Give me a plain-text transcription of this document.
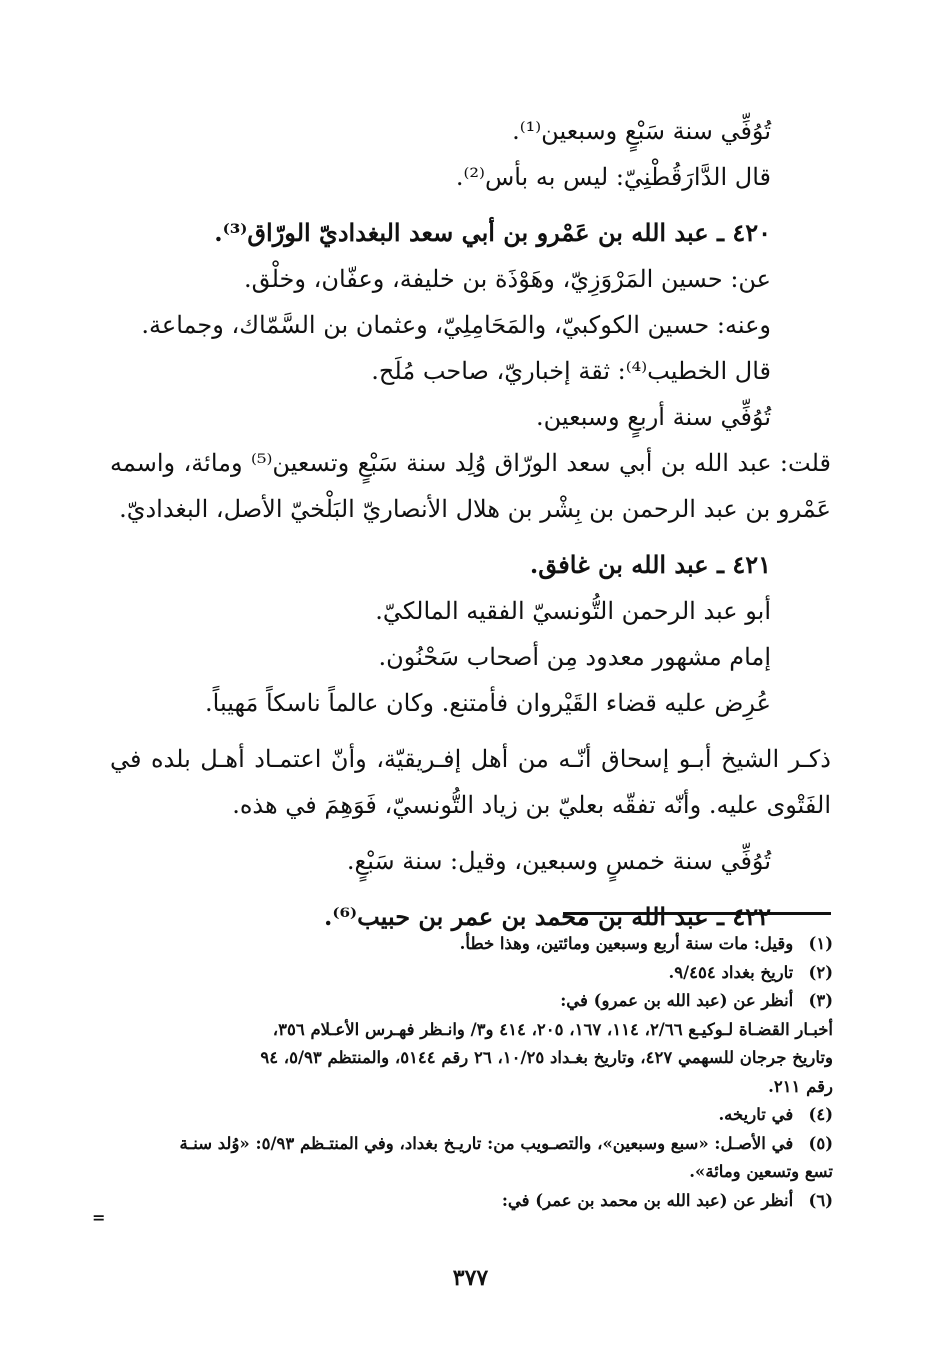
تُوُفِّي سنة سَبْعٍ وسبعين⁽¹⁾.
قال الدَّارَقُطْنِيّ: ليس به بأس⁽²⁾.
٤٢٠ ـ عبد الله بن عَمْرو بن أبي سعد البغداديّ الورّاق⁽³⁾.
عن: حسين المَرْوَزِيّ، وهَوْذَة بن خليفة، وعفّان، وخلْق.
وعنه: حسين الكوكبيّ، والمَحَامِلِيّ، وعثمان بن السَّمّاك، وجماعة.
قال الخطيب⁽⁴⁾: ثقة إخباريّ، صاحب مُلَح.
تُوُفِّي سنة أربعٍ وسبعين.
قلت: عبد الله بن أبي سعد الورّاق وُلِد سنة سَبْعٍ وتسعين⁽⁵⁾ ومائة، واسمه
عَمْرو بن عبد الرحمن بن بِشْر بن هلال الأنصاريّ البَلْخيّ الأصل، البغداديّ.
٤٢١ ـ عبد الله بن غافق.
أبو عبد الرحمن التُّونسيّ الفقيه المالكيّ.
إمام مشهور معدود مِن أصحاب سَحْنُون.
عُرِض عليه قضاء القَيْروان فأمتنع. وكان عالماً ناسكاً مَهيباً.
ذكـر الشيخ أبـو إسحاق أنّـه من أهل إفـريقيّة، وأنّ اعتمـاد أهـل بلده في
الفَتْوى عليه. وأنّه تفقّه بعليّ بن زياد التُّونسيّ، فَوَهِمَ في هذه.
تُوُفِّي سنة خمسٍ وسبعين، وقيل: سنة سَبْعٍ.
٤٢٢ ـ عبد الله بن محمد بن عمر بن حبيب⁽⁶⁾.
(١) وقيل: مات سنة أربع وسبعين ومائتين، وهذا خطأ.
(٢) تاريخ بغداد ٩/٤٥٤.
(٣) أنظر عن (عبد الله بن عمرو) في:
أخبـار القضـاة لـوكيـع ٢/٦٦، ١١٤، ١٦٧، ٢٠٥، ٤١٤ و٣/ وانـظر فهـرس الأعـلام ٣٥٦،
وتاريخ جرجان للسهمي ٤٢٧، وتاريخ بغـداد ١٠/٢٥، ٢٦ رقم ٥١٤٤، والمنتظم ٥/٩٣، ٩٤
رقم ٢١١.
(٤) في تاريخه.
(٥) في الأصـل: «سبع وسبعين»، والتصـويب من: تاريـخ بغداد، وفي المنتـظم ٥/٩٣: «وُلد سنـة
تسع وتسعين ومائة».
(٦) أنظر عن (عبد الله بن محمد بن عمر) في:
=
٣٧٧
